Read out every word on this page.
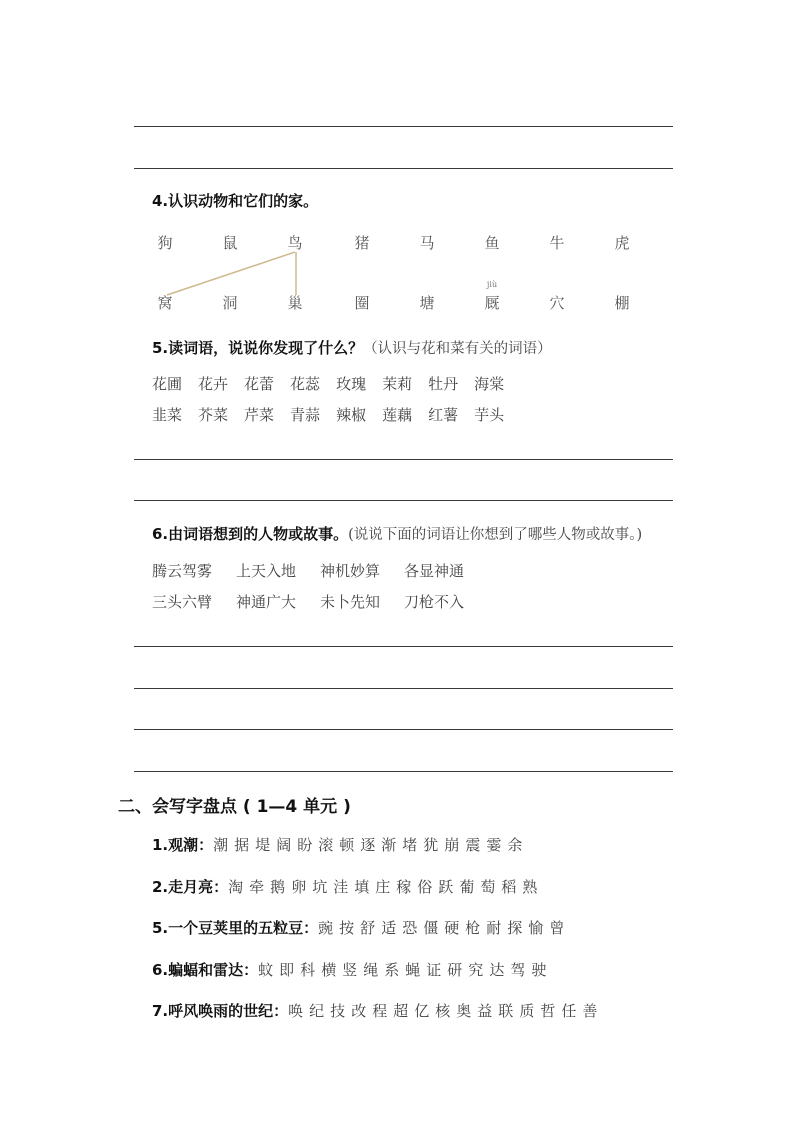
4.认识动物和它们的家。
狗	鼠	鸟	猪	马	鱼	牛	虎
窝	洞	巢	圈	塘	厩	穴	棚
jiù
5.读词语，说说你发现了什么？（认识与花和菜有关的词语）
花圃 花卉 花蕾 花蕊 玫瑰 茉莉 牡丹 海棠
韭菜 芥菜 芹菜 青蒜 辣椒 莲藕 红薯 芋头
6.由词语想到的人物或故事。(说说下面的词语让你想到了哪些人物或故事。)
腾云驾雾 上天入地 神机妙算 各显神通
三头六臂 神通广大 未卜先知 刀枪不入
二、会写字盘点 ( 1—4 单元 )
1.观潮：潮 据 堤 阔 盼 滚 顿 逐 渐 堵 犹 崩 震 霎 余
2.走月亮：淘 牵 鹅 卵 坑 洼 填 庄 稼 俗 跃 葡 萄 稻 熟
5.一个豆荚里的五粒豆：豌 按 舒 适 恐 僵 硬 枪 耐 探 愉 曾
6.蝙蝠和雷达：蚊 即 科 横 竖 绳 系 蝇 证 研 究 达 驾 驶
7.呼风唤雨的世纪：唤 纪 技 改 程 超 亿 核 奥 益 联 质 哲 任 善
